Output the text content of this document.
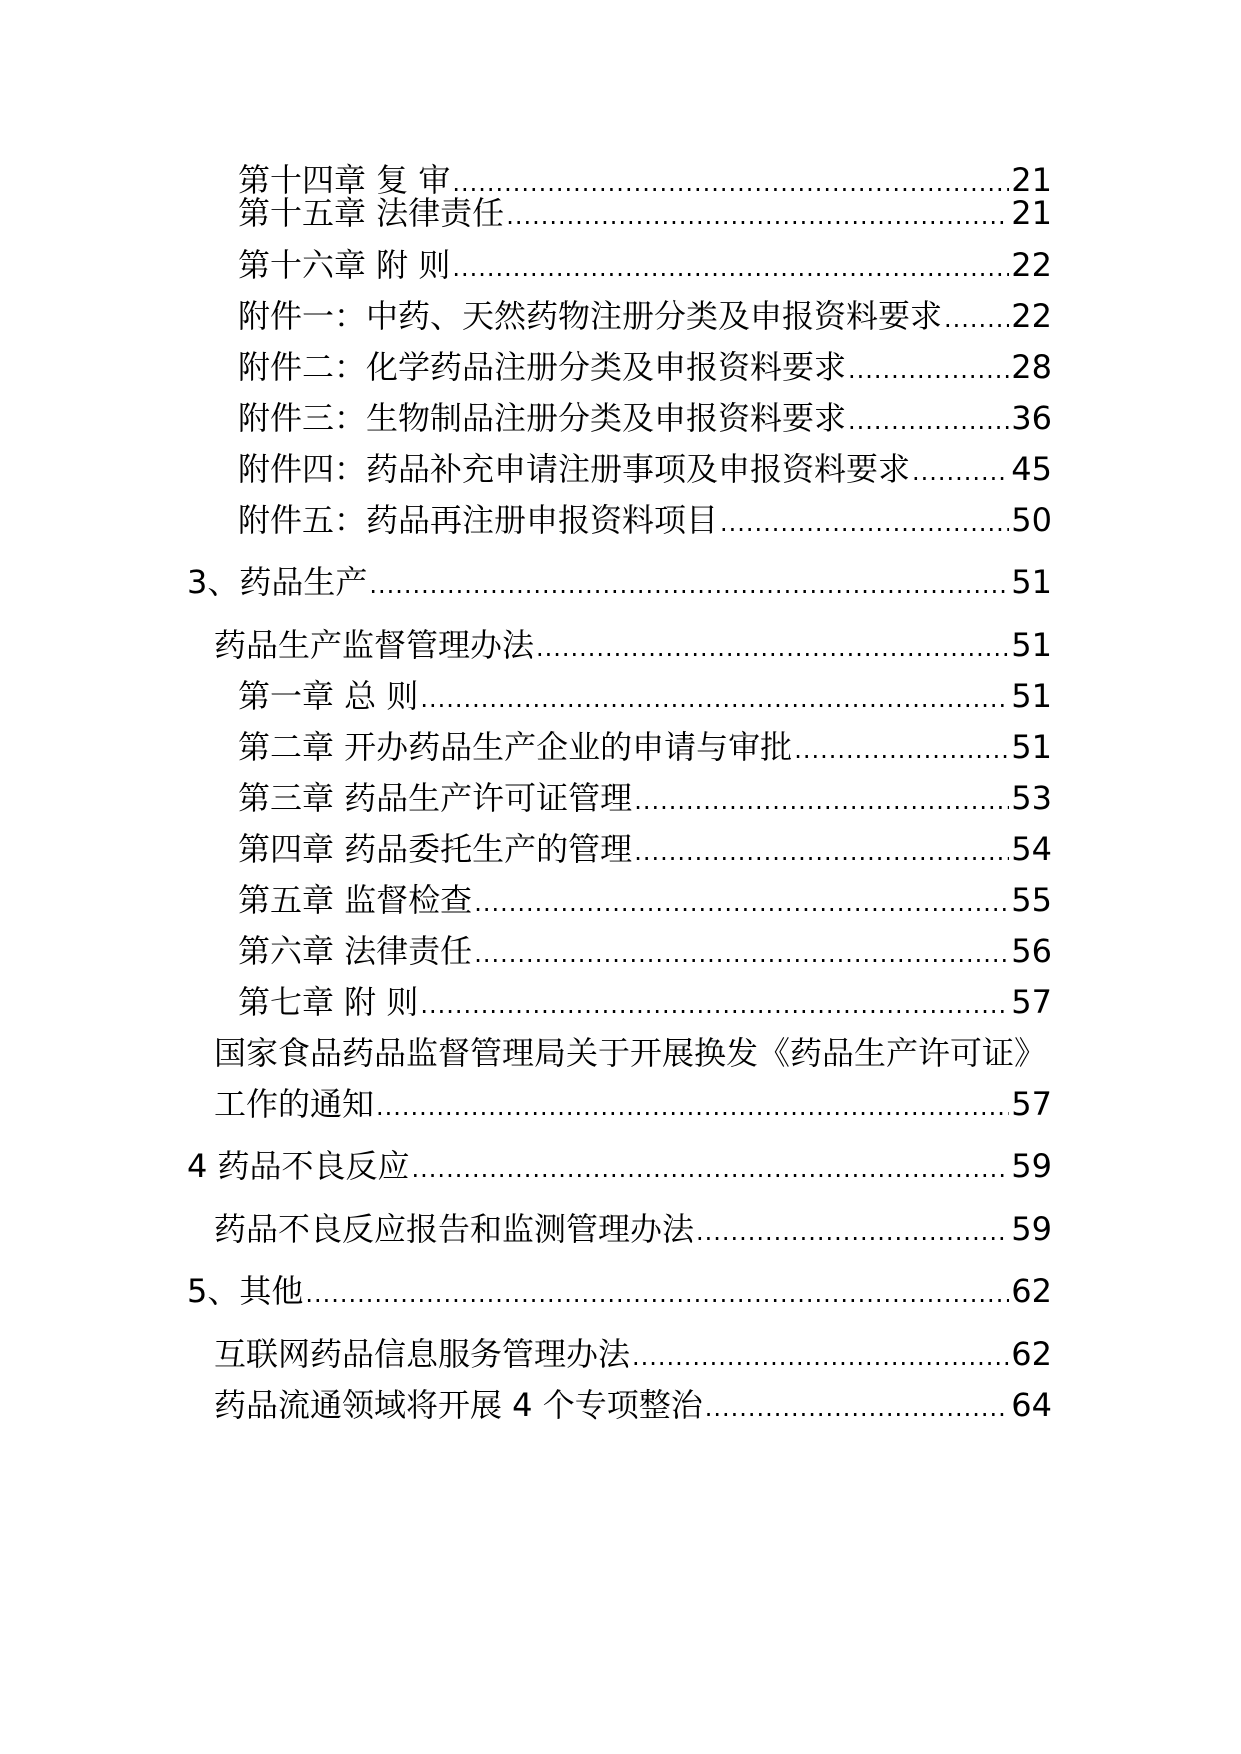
第十四章 复 审 .....	21
第十五章 法律责任 .....	21
第十六章 附 则 .....	22
附件一：中药、天然药物注册分类及申报资料要求 ..... 22
附件二：化学药品注册分类及申报资料要求 .....	28
附件三：生物制品注册分类及申报资料要求 .....	36
附件四：药品补充申请注册事项及申报资料要求 .....	45
附件五：药品再注册申报资料项目 .....	50
3、药品生产 .....	51
药品生产监督管理办法 .....	51
第一章 总 则 .....	51
第二章 开办药品生产企业的申请与审批 .....	51
第三章 药品生产许可证管理 .....	53
第四章 药品委托生产的管理 .....	54
第五章 监督检查 .....	55
第六章 法律责任 .....	56
第七章 附 则 .....	57
国家食品药品监督管理局关于开展换发《药品生产许可证》
工作的通知 .....	57
4 药品不良反应 .....	59
药品不良反应报告和监测管理办法 .....	59
5、其他 .....	62
互联网药品信息服务管理办法 .....	62
药品流通领域将开展 4 个专项整治 .....	64
